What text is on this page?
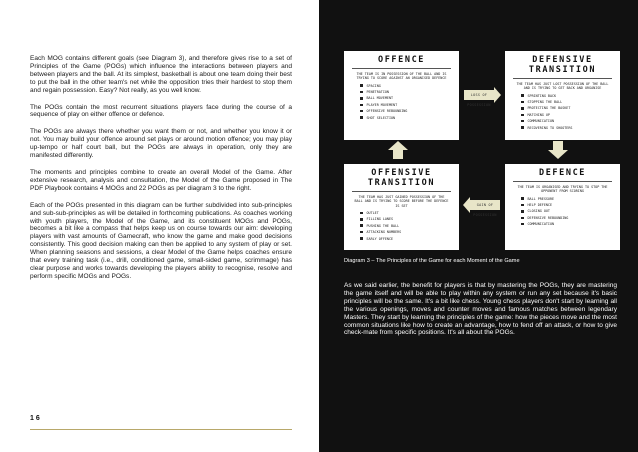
Each MOG contains different goals (see Diagram 3), and therefore gives rise to a set of Principles of the Game (POGs) which influence the interactions between players and between players and the ball. At its simplest, basketball is about one team doing their best to put the ball in the other team's net while the opposition tries their hardest to stop them and regain possession. Easy? Not really, as you well know.

The POGs contain the most recurrent situations players face during the course of a sequence of play on either offence or defence.

The POGs are always there whether you want them or not, and whether you know it or not. You may build your offence around set plays or around motion offence; you may play up-tempo or half court ball, but the POGs are always in operation, only they are manifested differently.

The moments and principles combine to create an overall Model of the Game. After extensive research, analysis and consultation, the Model of the Game proposed in The PDF Playbook contains 4 MOGs and 22 POGs as per diagram 3 to the right.

Each of the POGs presented in this diagram can be further subdivided into sub-principles and sub-sub-principles as will be detailed in forthcoming publications. As coaches working with youth players, the Model of the Game, and its constituent MOGs and POGs, becomes a bit like a compass that helps keep us on course towards our aim: developing players with vast amounts of Gamecraft, who know the game and make good decisions consistently. This good decision making can then be applied to any system of play or set. When planning seasons and sessions, a clear Model of the Game helps coaches ensure that every training task (i.e., drill, conditioned game, small-sided game, scrimmage) has clear purpose and works towards developing the players ability to recognise, resolve and perform specific MOGs and POGs.

16
OFFENCE
THE TEAM IS IN POSSESSION OF THE BALL AND IS TRYING TO SCORE AGAINST AN ORGANISED DEFENCE
SPACING
PENETRATION
BALL MOVEMENT
PLAYER MOVEMENT
OFFENSIVE REBOUNDING
SHOT SELECTION
DEFENSIVE TRANSITION
THE TEAM HAS JUST LOST POSSESSION OF THE BALL AND IS TRYING TO GET BACK AND ORGANISE
SPRINTING BACK
STOPPING THE BALL
PROTECTING THE BASKET
MATCHING UP
COMMUNICATION
RECOVERING TO SHOOTERS
OFFENSIVE TRANSITION
THE TEAM HAS JUST GAINED POSSESSION OF THE BALL AND IS TRYING TO SCORE BEFORE THE DEFENCE IS SET
OUTLET
FILLING LANES
PUSHING THE BALL
ATTACKING NUMBERS
EARLY OFFENCE
DEFENCE
THE TEAM IS ORGANISED AND TRYING TO STOP THE OPPONENT FROM SCORING
BALL PRESSURE
HELP DEFENCE
CLOSING OUT
DEFENSIVE REBOUNDING
COMMUNICATION
LOSS OF POSSESSION
GAIN OF POSSESSION
Diagram 3 – The Principles of the Game for each Moment of the Game

As we said earlier, the benefit for players is that by mastering the POGs, they are mastering the game itself and will be able to play within any system or run any set because it's basic principles will be the same. It's a bit like chess. Young chess players don't start by learning all the various openings, moves and counter moves and famous matches between legendary Masters. They start by learning the principles of the game: how the pieces move and the most common situations like how to create an advantage, how to fend off an attack, or how to give check-mate from specific positions. It's all about the POGs.
